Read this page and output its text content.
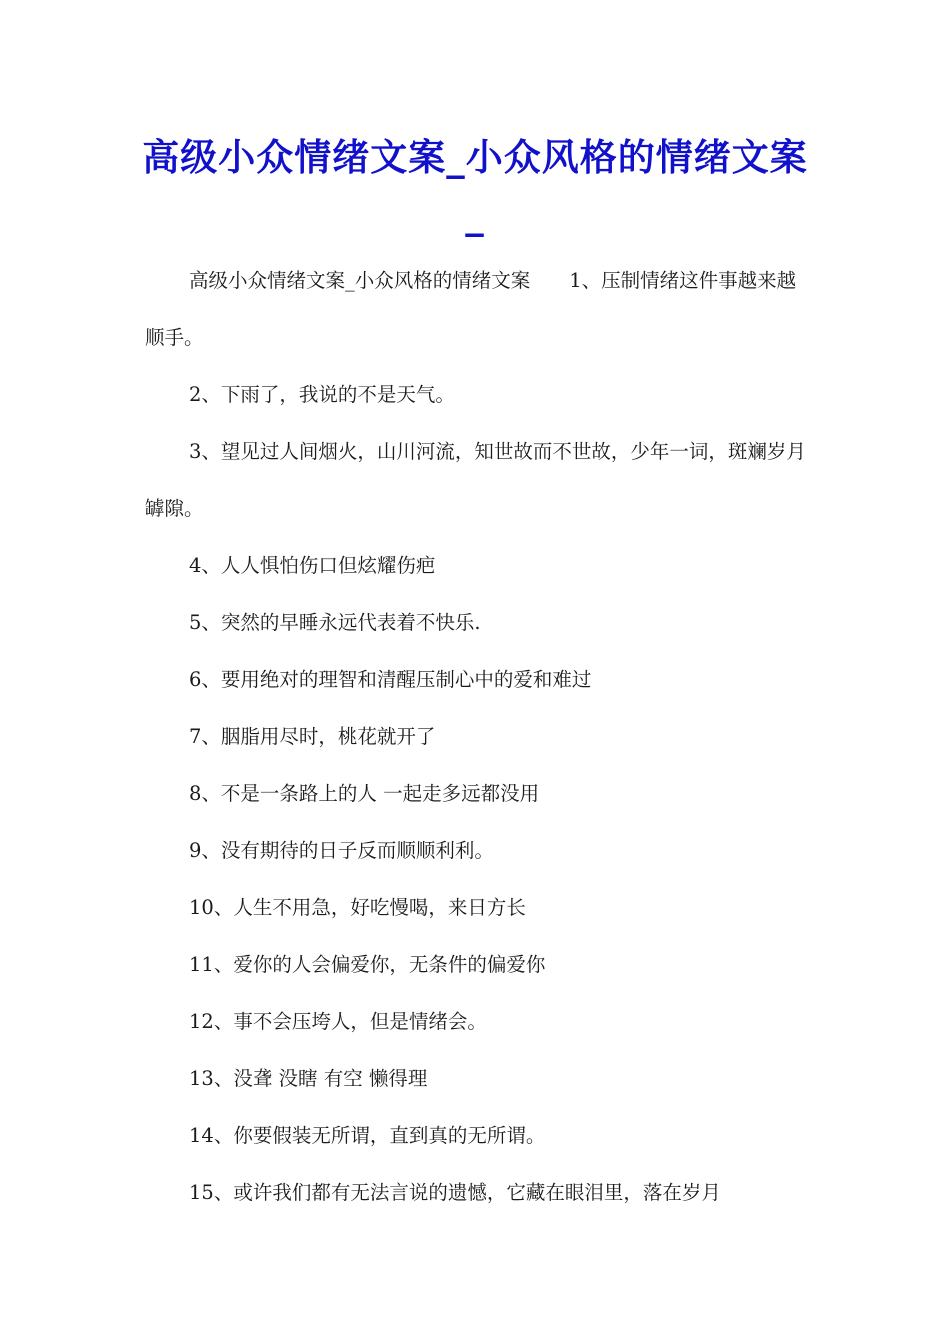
高级小众情绪文案_小众风格的情绪文案_

高级小众情绪文案_小众风格的情绪文案　　1、压制情绪这件事越来越顺手。

2、下雨了，我说的不是天气。

3、望见过人间烟火，山川河流，知世故而不世故，少年一词，斑斓岁月罅隙。

4、人人惧怕伤口但炫耀伤疤

5、突然的早睡永远代表着不快乐.

6、要用绝对的理智和清醒压制心中的爱和难过

7、胭脂用尽时，桃花就开了

8、不是一条路上的人 一起走多远都没用

9、没有期待的日子反而顺顺利利。

10、人生不用急，好吃慢喝，来日方长

11、爱你的人会偏爱你，无条件的偏爱你

12、事不会压垮人，但是情绪会。

13、没聋 没瞎 有空 懒得理

14、你要假装无所谓，直到真的无所谓。

15、或许我们都有无法言说的遗憾，它藏在眼泪里，落在岁月
